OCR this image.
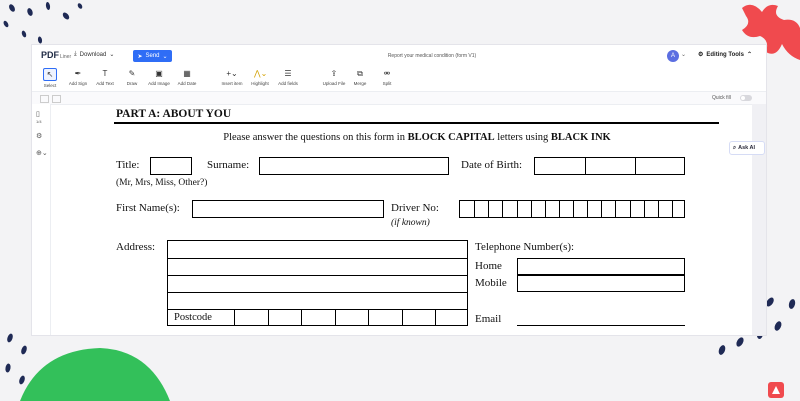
PDFLiner ⤓ Download ⌄	➤ Send ⌄	Report your medical condition (form V1)	A	⌄ ⚙ Editing Tools ⌃
↖
Select
✒
Add Sign
T
Add Text
✎
Draw
▣
Add Image
▦
Add Date
+⌄
Insert item
⋀⌄
Highlight
☰
Add fields
⇪
Upload File
⧉
Merge
⚮
Split
Quick fill
▯
1/4
⚙
⊕⌄
⌕ Ask AI
PART A: ABOUT YOU
Please answer the questions on this form in BLOCK CAPITAL letters using BLACK INK
Title:	Surname:	Date of Birth:
(Mr, Mrs, Miss, Other?)
First Name(s):	Driver No:
(if known)
Address:
Postcode
Telephone Number(s):
Home
Mobile
Email
